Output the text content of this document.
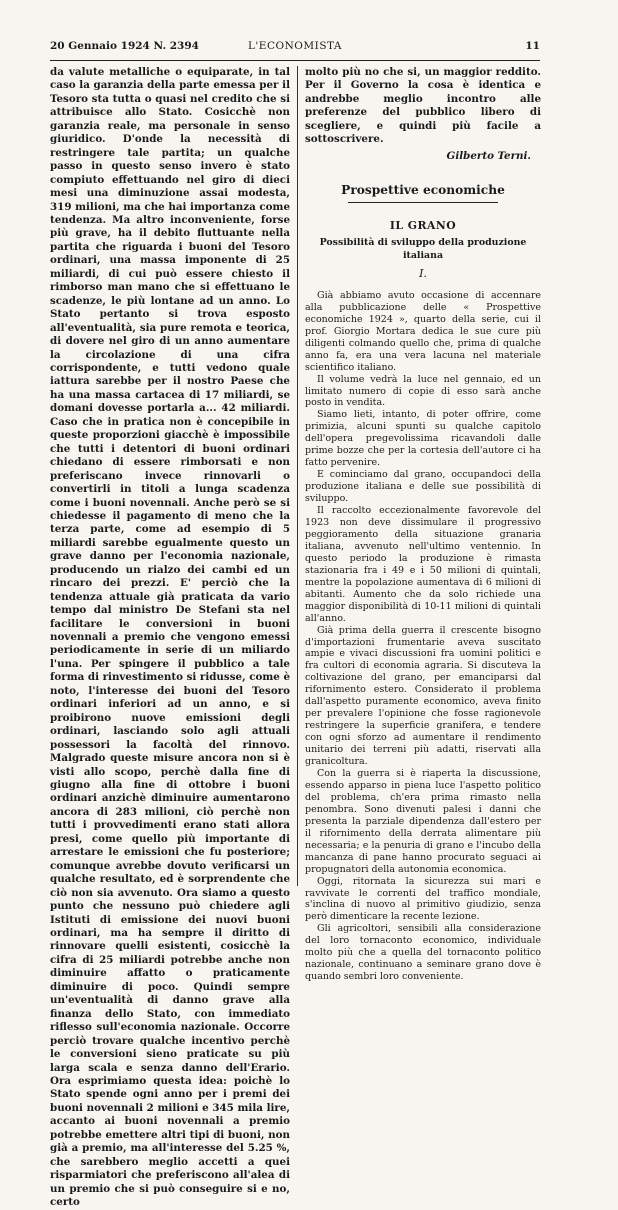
20 Gennaio 1924 N. 2394	L'ECONOMISTA	11

da valute metalliche o equiparate, in tal caso la garanzia della parte emessa per il Tesoro sta tutta o quasi nel credito che si attribuisce allo Stato. Cosicchè non garanzia reale, ma personale in senso giuridico. D'onde la necessità di restringere tale partita; un qualche passo in questo senso invero è stato compiuto effettuando nel giro di dieci mesi una diminuzione assai modesta, 319 milioni, ma che hai importanza come tendenza. Ma altro inconveniente, forse più grave, ha il debito fluttuante nella partita che riguarda i buoni del Tesoro ordinari, una massa imponente di 25 miliardi, di cui può essere chiesto il rimborso man mano che si effettuano le scadenze, le più lontane ad un anno. Lo Stato pertanto si trova esposto all'eventualità, sia pure remota e teorica, di dovere nel giro di un anno aumentare la circolazione di una cifra corrispondente, e tutti vedono quale iattura sarebbe per il nostro Paese che ha una massa cartacea di 17 miliardi, se domani dovesse portarla a... 42 miliardi. Caso che in pratica non è concepibile in queste proporzioni giacchè è impossibile che tutti i detentori di buoni ordinari chiedano di essere rimborsati e non preferiscano invece rinnovarli o convertirli in titoli a lunga scadenza come i buoni novennali. Anche però se si chiedesse il pagamento di meno che la terza parte, come ad esempio di 5 miliardi sarebbe egualmente questo un grave danno per l'economia nazionale, producendo un rialzo dei cambi ed un rincaro dei prezzi. E' perciò che la tendenza attuale già praticata da vario tempo dal ministro De Stefani sta nel facilitare le conversioni in buoni novennali a premio che vengono emessi periodicamente in serie di un miliardo l'una. Per spingere il pubblico a tale forma di rinvestimento si ridusse, come è noto, l'interesse dei buoni del Tesoro ordinari inferiori ad un anno, e si proibirono nuove emissioni degli ordinari, lasciando solo agli attuali possessori la facoltà del rinnovo. Malgrado queste misure ancora non si è visti allo scopo, perchè dalla fine di giugno alla fine di ottobre i buoni ordinari anzichè diminuire aumentarono ancora di 283 milioni, ciò perchè non tutti i provvedimenti erano stati allora presi, come quello più importante di arrestare le emissioni che fu posteriore; comunque avrebbe dovuto verificarsi un qualche resultato, ed è sorprendente che ciò non sia avvenuto. Ora siamo a questo punto che nessuno può chiedere agli Istituti di emissione dei nuovi buoni ordinari, ma ha sempre il diritto di rinnovare quelli esistenti, cosicchè la cifra di 25 miliardi potrebbe anche non diminuire affatto o praticamente diminuire di poco. Quindi sempre un'eventualità di danno grave alla finanza dello Stato, con immediato riflesso sull'economia nazionale. Occorre perciò trovare qualche incentivo perchè le conversioni sieno praticate su più larga scala e senza danno dell'Erario. Ora esprimiamo questa idea: poichè lo Stato spende ogni anno per i premi dei buoni novennali 2 milioni e 345 mila lire, accanto ai buoni novennali a premio potrebbe emettere altri tipi di buoni, non già a premio, ma all'interesse del 5.25 %, che sarebbero meglio accetti a quei risparmiatori che preferiscono all'alea di un premio che si può conseguire si e no, certo

molto più no che si, un maggior reddito. Per il Governo la cosa è identica e andrebbe meglio incontro alle preferenze del pubblico libero di scegliere, e quindi più facile a sottoscrivere.

Gilberto Terni.

Prospettive economiche

IL GRANO

Possibilità di sviluppo della produzione italiana

I.

Già abbiamo avuto occasione di accennare alla pubblicazione delle « Prospettive economiche 1924 », quarto della serie, cui il prof. Giorgio Mortara dedica le sue cure più diligenti colmando quello che, prima di qualche anno fa, era una vera lacuna nel materiale scientifico italiano.

Il volume vedrà la luce nel gennaio, ed un limitato numero di copie di esso sarà anche posto in vendita.

Siamo lieti, intanto, di poter offrire, come primizia, alcuni spunti su qualche capitolo dell'opera pregevolissima ricavandoli dalle prime bozze che per la cortesia dell'autore ci ha fatto pervenire.

E cominciamo dal grano, occupandoci della produzione italiana e delle sue possibilità di sviluppo.

Il raccolto eccezionalmente favorevole del 1923 non deve dissimulare il progressivo peggioramento della situazione granaria italiana, avvenuto nell'ultimo ventennio. In questo periodo la produzione è rimasta stazionaria fra i 49 e i 50 milioni di quintali, mentre la popolazione aumentava di 6 milioni di abitanti. Aumento che da solo richiede una maggior disponibilità di 10-11 milioni di quintali all'anno.

Già prima della guerra il crescente bisogno d'importazioni frumentarie aveva suscitato ampie e vivaci discussioni fra uomini politici e fra cultori di economia agraria. Si discuteva la coltivazione del grano, per emanciparsi dal rifornimento estero. Considerato il problema dall'aspetto puramente economico, aveva finito per prevalere l'opinione che fosse ragionevole restringere la superficie granifera, e tendere con ogni sforzo ad aumentare il rendimento unitario dei terreni più adatti, riservati alla granicoltura.

Con la guerra si è riaperta la discussione, essendo apparso in piena luce l'aspetto politico del problema, ch'era prima rimasto nella penombra. Sono divenuti palesi i danni che presenta la parziale dipendenza dall'estero per il rifornimento della derrata alimentare più necessaria; e la penuria di grano e l'incubo della mancanza di pane hanno procurato seguaci ai propugnatori della autonomia economica.

Oggi, ritornata la sicurezza sui mari e ravvivate le correnti del traffico mondiale, s'inclina di nuovo al primitivo giudizio, senza però dimenticare la recente lezione.

Gli agricoltori, sensibili alla considerazione del loro tornaconto economico, individuale molto più che a quella del tornaconto politico nazionale, continuano a seminare grano dove è quando sembri loro conveniente.
